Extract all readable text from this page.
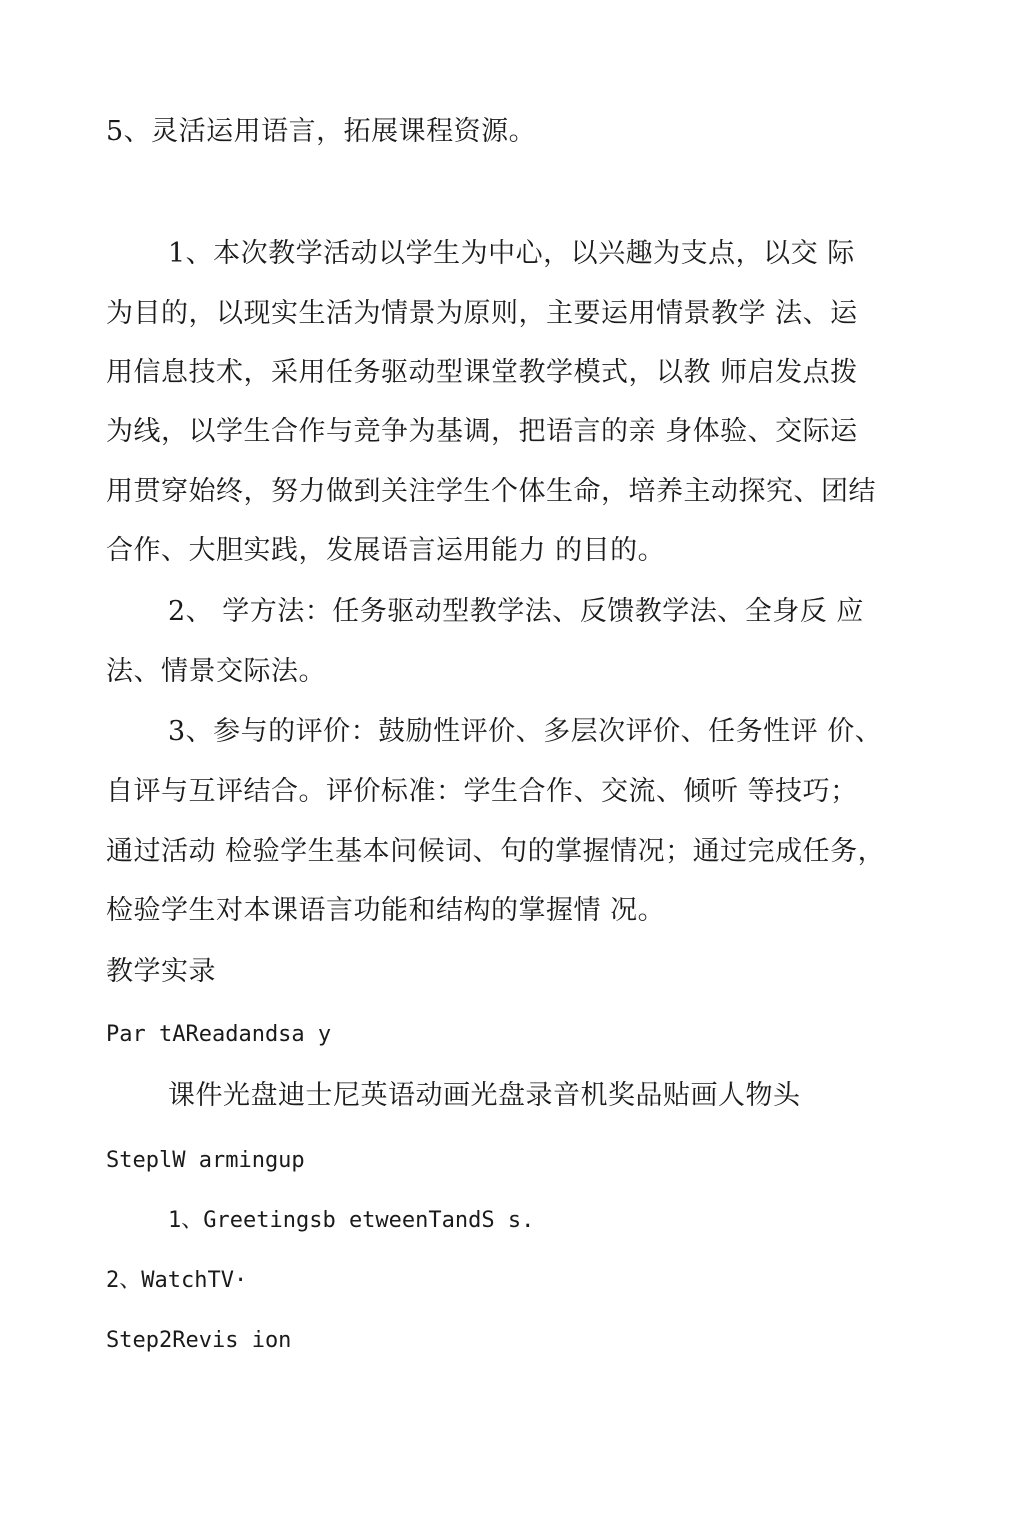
5、灵活运用语言，拓展课程资源。
1、本次教学活动以学生为中心，以兴趣为支点，以交 际
为目的，以现实生活为情景为原则，主要运用情景教学 法、运
用信息技术，采用任务驱动型课堂教学模式，以教 师启发点拨
为线，以学生合作与竞争为基调，把语言的亲 身体验、交际运
用贯穿始终，努力做到关注学生个体生命，培养主动探究、团结
合作、大胆实践，发展语言运用能力 的目的。
2、 学方法：任务驱动型教学法、反馈教学法、全身反 应
法、情景交际法。
3、参与的评价：鼓励性评价、多层次评价、任务性评 价、
自评与互评结合。评价标准：学生合作、交流、倾听 等技巧；
通过活动 检验学生基本问候词、句的掌握情况；通过完成任务，
检验学生对本课语言功能和结构的掌握情 况。
教学实录
Par tAReadandsa y
课件光盘迪士尼英语动画光盘录音机奖品贴画人物头
SteplW armingup
1、Greetingsb etweenTandS s.
2、WatchTV·
Step2Revis ion
